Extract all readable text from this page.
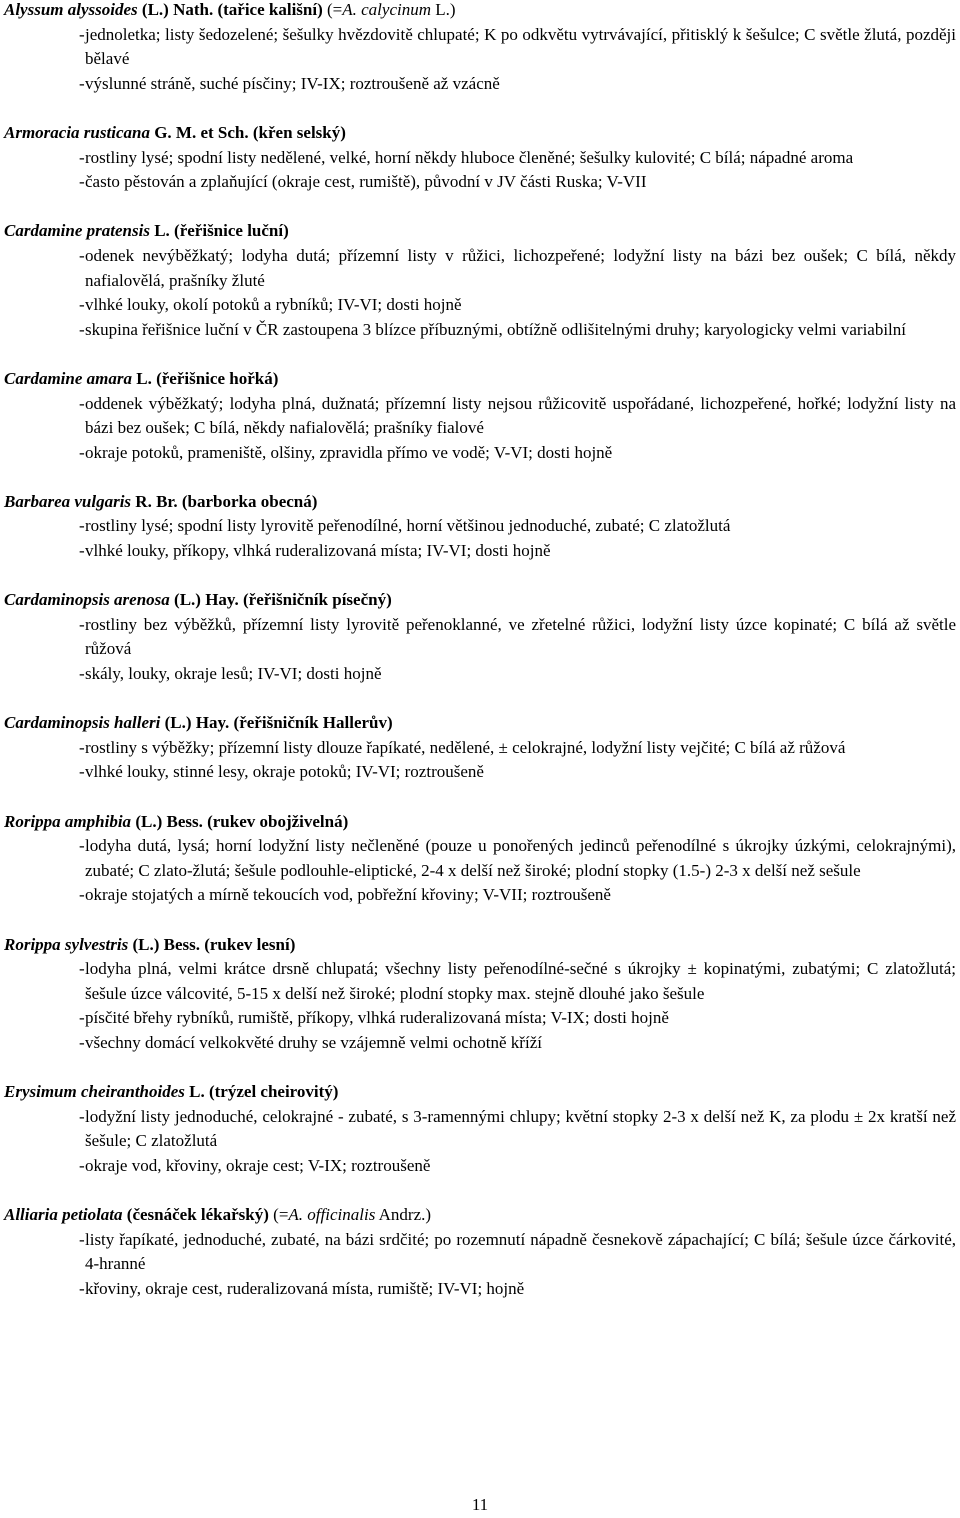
Alyssum alyssoides (L.) Nath. (tařice kališní) (=A. calycinum L.)
- jednoletka; listy šedozelené; šešulky hvězdovitě chlupaté; K po odkvětu vytrvávající, přitisklý k šešulce; C světle žlutá, později bělavé
- výslunné stráně, suché písčiny; IV-IX; roztroušeně až vzácně
Armoracia rusticana G. M. et Sch. (křen selský)
- rostliny lysé; spodní listy nedělené, velké, horní někdy hluboce členěné; šešulky kulovité; C bílá; nápadné aroma
- často pěstován a zplaňující (okraje cest, rumiště), původní v JV části Ruska; V-VII
Cardamine pratensis L. (řeřišnice luční)
- odenek nevýběžkatý; lodyha dutá; přízemní listy v růžici, lichozpeřené; lodyžní listy na bázi bez oušek; C bílá, někdy nafialovělá, prašníky žluté
- vlhké louky, okolí potoků a rybníků; IV-VI; dosti hojně
- skupina řeřišnice luční v ČR zastoupena 3 blízce příbuznými, obtížně odlišitelnými druhy; karyologicky velmi variabilní
Cardamine amara L. (řeřišnice hořká)
- oddenek výběžkatý; lodyha plná, dužnatá; přízemní listy nejsou růžicovitě uspořádané, lichozpeřené, hořké; lodyžní listy na bázi bez oušek; C bílá, někdy nafialovělá; prašníky fialové
- okraje potoků, prameniště, olšiny, zpravidla přímo ve vodě; V-VI; dosti hojně
Barbarea vulgaris R. Br. (barborka obecná)
- rostliny lysé; spodní listy lyrovitě peřenodílné, horní většinou jednoduché, zubaté; C zlatožlutá
- vlhké louky, příkopy, vlhká ruderalizovaná místa; IV-VI; dosti hojně
Cardaminopsis arenosa (L.) Hay. (řeřišničník písečný)
- rostliny bez výběžků, přízemní listy lyrovitě peřenoklanné, ve zřetelné růžici, lodyžní listy úzce kopinaté; C bílá až světle růžová
- skály, louky, okraje lesů; IV-VI; dosti hojně
Cardaminopsis halleri (L.) Hay. (řeřišničník Hallerův)
- rostliny s výběžky; přízemní listy dlouze řapíkaté, nedělené, ± celokrajné, lodyžní listy vejčité; C bílá až růžová
- vlhké louky, stinné lesy, okraje potoků; IV-VI; roztroušeně
Rorippa amphibia (L.) Bess. (rukev obojživelná)
- lodyha dutá, lysá; horní lodyžní listy nečleněné (pouze u ponořených jedinců peřenodílné s úkrojky úzkými, celokrajnými), zubaté; C zlato-žlutá; šešule podlouhle-eliptické, 2-4 x delší než široké; plodní stopky (1.5-) 2-3 x delší než sešule
- okraje stojatých a mírně tekoucích vod, pobřežní křoviny; V-VII; roztroušeně
Rorippa sylvestris (L.) Bess. (rukev lesní)
- lodyha plná, velmi krátce drsně chlupatá; všechny listy peřenodílné-sečné s úkrojky ± kopinatými, zubatými; C zlatožlutá; šešule úzce válcovité, 5-15 x delší než široké; plodní stopky max. stejně dlouhé jako šešule
- písčité břehy rybníků, rumiště, příkopy, vlhká ruderalizovaná místa; V-IX; dosti hojně
- všechny domácí velkokvěté druhy se vzájemně velmi ochotně kříží
Erysimum cheiranthoides L. (trýzel cheirovitý)
- lodyžní listy jednoduché, celokrajné - zubaté, s 3-ramennými chlupy; květní stopky 2-3 x delší než K, za plodu ± 2x kratší než šešule; C zlatožlutá
- okraje vod, křoviny, okraje cest; V-IX; roztroušeně
Alliaria petiolata (česnáček lékařský) (=A. officinalis Andrz.)
- listy řapíkaté, jednoduché, zubaté, na bázi srdčité; po rozemnutí nápadně česnekově zápachající; C bílá; šešule úzce čárkovité, 4-hranné
- křoviny, okraje cest, ruderalizovaná místa, rumiště; IV-VI; hojně
11
